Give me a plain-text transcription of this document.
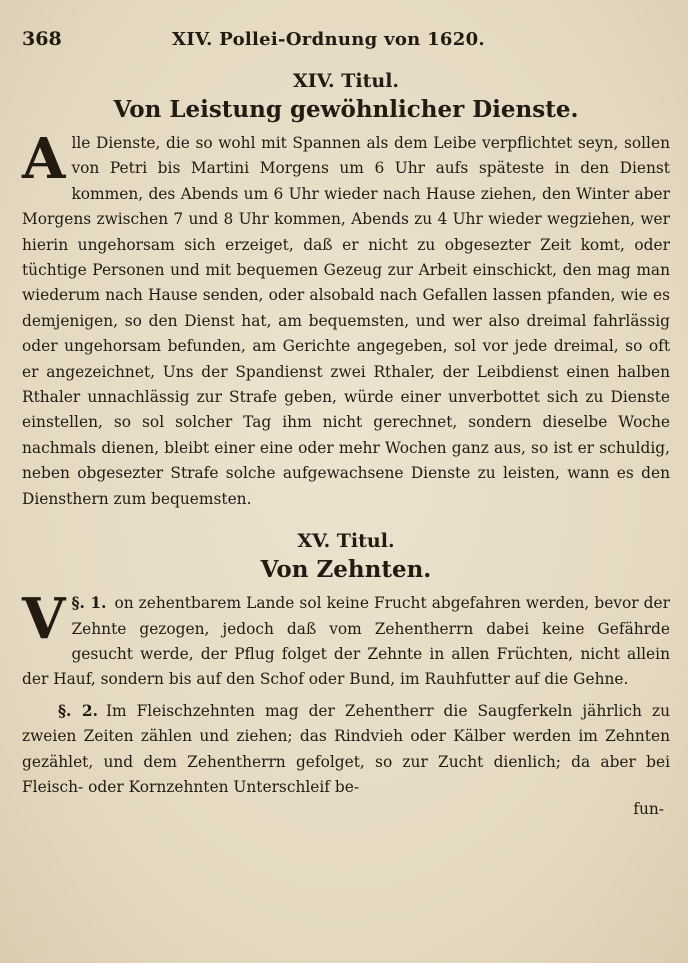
368	XIV. Pollei-Ordnung von 1620.
XIV. Titul.
Von Leistung gewöhnlicher Dienste.

Alle Dienste, die so wohl mit Spannen als dem Leibe verpflichtet seyn, sollen von Petri bis Martini Morgens um 6 Uhr aufs späteste in den Dienst kommen, des Abends um 6 Uhr wieder nach Hause ziehen, den Winter aber Morgens zwischen 7 und 8 Uhr kommen, Abends zu 4 Uhr wieder wegziehen, wer hierin ungehorsam sich erzeiget, daß er nicht zu obgesezter Zeit komt, oder tüchtige Personen und mit bequemen Gezeug zur Arbeit einschickt, den mag man wiederum nach Hause senden, oder alsobald nach Gefallen lassen pfanden, wie es demjenigen, so den Dienst hat, am bequemsten, und wer also dreimal fahrlässig oder ungehorsam befunden, am Gerichte angegeben, sol vor jede dreimal, so oft er angezeichnet, Uns der Spandienst zwei Rthaler, der Leibdienst einen halben Rthaler unnachlässig zur Strafe geben, würde einer unverbottet sich zu Dienste einstellen, so sol solcher Tag ihm nicht gerechnet, sondern dieselbe Woche nachmals dienen, bleibt einer eine oder mehr Wochen ganz aus, so ist er schuldig, neben obgesezter Strafe solche aufgewachsene Dienste zu leisten, wann es den Diensthern zum bequemsten.

XV. Titul.
Von Zehnten.

§. 1.
V	on zehentbarem Lande sol keine Frucht abgefahren werden, bevor der Zehnte gezogen, jedoch daß vom Zehentherrn dabei keine Gefährde gesucht werde, der Pflug folget der Zehnte in allen Früchten, nicht allein der Hauf, sondern bis auf den Schof oder Bund, im Rauhfutter auf die Gehne.

§. 2. Im Fleischzehnten mag der Zehentherr die Saugferkeln jährlich zu zweien Zeiten zählen und ziehen; das Rindvieh oder Kälber werden im Zehnten gezählet, und dem Zehentherrn gefolget, so zur Zucht dienlich; da aber bei Fleisch- oder Kornzehnten Unterschleif be-

fun-
